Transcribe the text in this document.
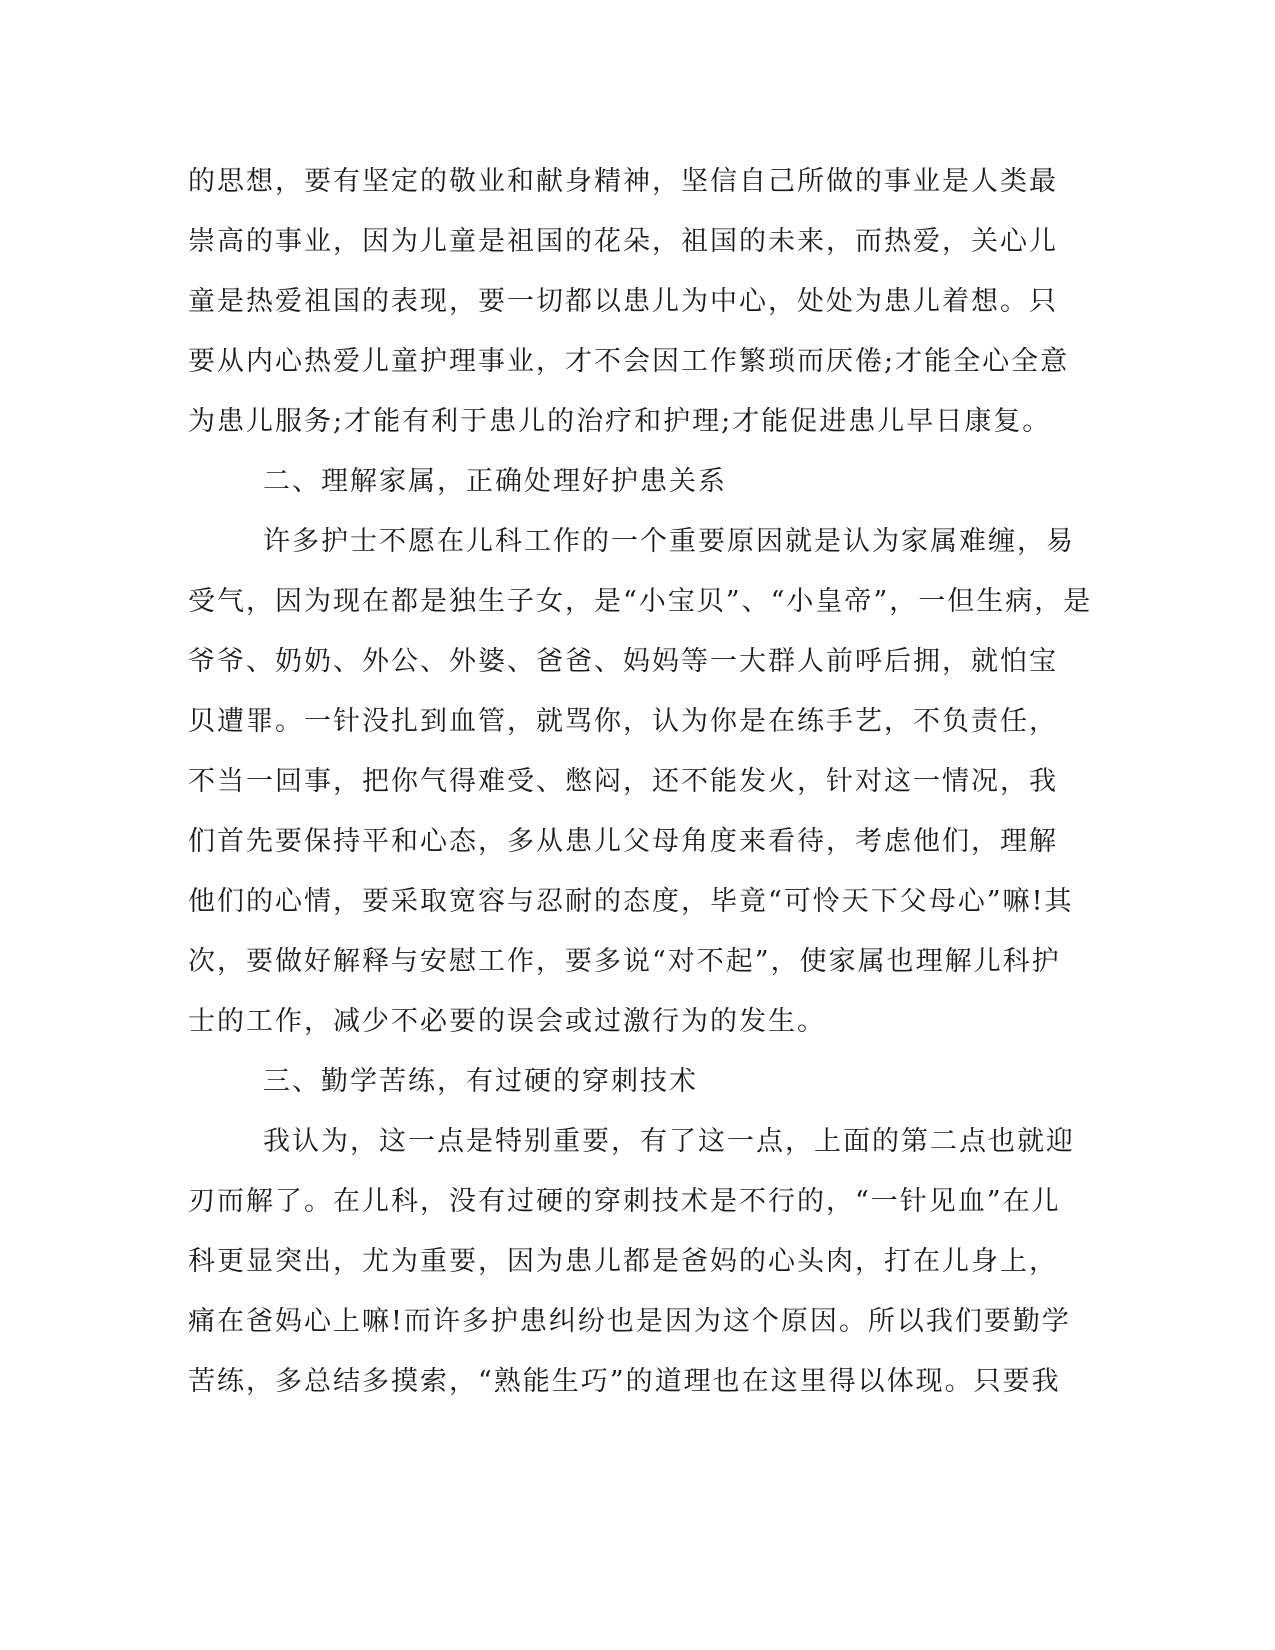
的思想，要有坚定的敬业和献身精神，坚信自己所做的事业是人类最
崇高的事业，因为儿童是祖国的花朵，祖国的未来，而热爱，关心儿
童是热爱祖国的表现，要一切都以患儿为中心，处处为患儿着想。只
要从内心热爱儿童护理事业，才不会因工作繁琐而厌倦;才能全心全意
为患儿服务;才能有利于患儿的治疗和护理;才能促进患儿早日康复。
二、理解家属，正确处理好护患关系
许多护士不愿在儿科工作的一个重要原因就是认为家属难缠，易
受气，因为现在都是独生子女，是“小宝贝”、“小皇帝”，一但生病，是
爷爷、奶奶、外公、外婆、爸爸、妈妈等一大群人前呼后拥，就怕宝
贝遭罪。一针没扎到血管，就骂你，认为你是在练手艺，不负责任，
不当一回事，把你气得难受、憋闷，还不能发火，针对这一情况，我
们首先要保持平和心态，多从患儿父母角度来看待，考虑他们，理解
他们的心情，要采取宽容与忍耐的态度，毕竟“可怜天下父母心”嘛!其
次，要做好解释与安慰工作，要多说“对不起”，使家属也理解儿科护
士的工作，减少不必要的误会或过激行为的发生。
三、勤学苦练，有过硬的穿刺技术
我认为，这一点是特别重要，有了这一点，上面的第二点也就迎
刃而解了。在儿科，没有过硬的穿刺技术是不行的，“一针见血”在儿
科更显突出，尤为重要，因为患儿都是爸妈的心头肉，打在儿身上，
痛在爸妈心上嘛!而许多护患纠纷也是因为这个原因。所以我们要勤学
苦练，多总结多摸索，“熟能生巧”的道理也在这里得以体现。只要我
